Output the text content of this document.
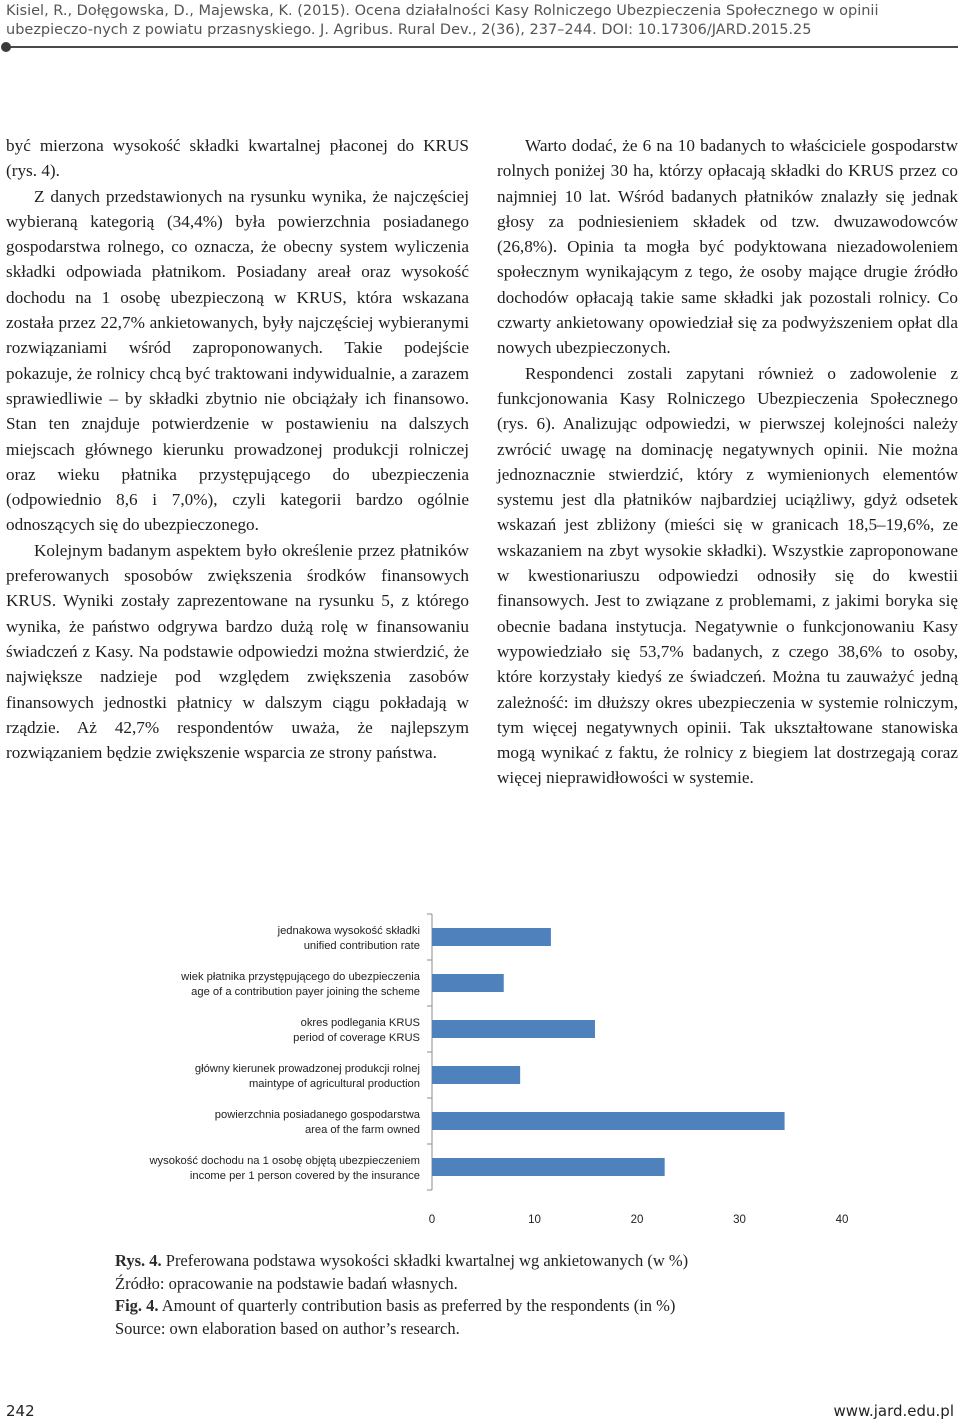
Kisiel, R., Dołęgowska, D., Majewska, K. (2015). Ocena działalności Kasy Rolniczego Ubezpieczenia Społecznego w opinii ubezpieczo-nych z powiatu przasnyskiego. J. Agribus. Rural Dev., 2(36), 237–244. DOI: 10.17306/JARD.2015.25

być mierzona wysokość składki kwartalnej płaconej do KRUS (rys. 4).

Z danych przedstawionych na rysunku wynika, że najczęściej wybieraną kategorią (34,4%) była powierzchnia posiadanego gospodarstwa rolnego, co oznacza, że obecny system wyliczenia składki odpowiada płatnikom. Posiadany areał oraz wysokość dochodu na 1 osobę ubezpieczoną w KRUS, która wskazana została przez 22,7% ankietowanych, były najczęściej wybieranymi rozwiązaniami wśród zaproponowanych. Takie podejście pokazuje, że rolnicy chcą być traktowani indywidualnie, a zarazem sprawiedliwie – by składki zbytnio nie obciążały ich finansowo. Stan ten znajduje potwierdzenie w postawieniu na dalszych miejscach głównego kierunku prowadzonej produkcji rolniczej oraz wieku płatnika przystępującego do ubezpieczenia (odpowiednio 8,6 i 7,0%), czyli kategorii bardzo ogólnie odnoszących się do ubezpieczonego.

Kolejnym badanym aspektem było określenie przez płatników preferowanych sposobów zwiększenia środków finansowych KRUS. Wyniki zostały zaprezentowane na rysunku 5, z którego wynika, że państwo odgrywa bardzo dużą rolę w finansowaniu świadczeń z Kasy. Na podstawie odpowiedzi można stwierdzić, że największe nadzieje pod względem zwiększenia zasobów finansowych jednostki płatnicy w dalszym ciągu pokładają w rządzie. Aż 42,7% respondentów uważa, że najlepszym rozwiązaniem będzie zwiększenie wsparcia ze strony państwa.

Warto dodać, że 6 na 10 badanych to właściciele gospodarstw rolnych poniżej 30 ha, którzy opłacają składki do KRUS przez co najmniej 10 lat. Wśród badanych płatników znalazły się jednak głosy za podniesieniem składek od tzw. dwuzawodowców (26,8%). Opinia ta mogła być podyktowana niezadowoleniem społecznym wynikającym z tego, że osoby mające drugie źródło dochodów opłacają takie same składki jak pozostali rolnicy. Co czwarty ankietowany opowiedział się za podwyższeniem opłat dla nowych ubezpieczonych.

Respondenci zostali zapytani również o zadowolenie z funkcjonowania Kasy Rolniczego Ubezpieczenia Społecznego (rys. 6). Analizując odpowiedzi, w pierwszej kolejności należy zwrócić uwagę na dominację negatywnych opinii. Nie można jednoznacznie stwierdzić, który z wymienionych elementów systemu jest dla płatników najbardziej uciążliwy, gdyż odsetek wskazań jest zbliżony (mieści się w granicach 18,5–19,6%, ze wskazaniem na zbyt wysokie składki). Wszystkie zaproponowane w kwestionariuszu odpowiedzi odnosiły się do kwestii finansowych. Jest to związane z problemami, z jakimi boryka się obecnie badana instytucja. Negatywnie o funkcjonowaniu Kasy wypowiedziało się 53,7% badanych, z czego 38,6% to osoby, które korzystały kiedyś ze świadczeń. Można tu zauważyć jedną zależność: im dłuższy okres ubezpieczenia w systemie rolniczym, tym więcej negatywnych opinii. Tak ukształtowane stanowiska mogą wynikać z faktu, że rolnicy z biegiem lat dostrzegają coraz więcej nieprawidłowości w systemie.

jednakowa wysokość składki
unified contribution rate
wiek płatnika przystępującego do ubezpieczenia
age of a contribution payer joining the scheme
okres podlegania KRUS
period of coverage KRUS
główny kierunek prowadzonej produkcji rolnej
maintype of agricultural production
powierzchnia posiadanego gospodarstwa
area of the farm owned
wysokość dochodu na 1 osobę objętą ubezpieczeniem
income per 1 person covered by the insurance
0	10	20	30	40
Rys. 4. Preferowana podstawa wysokości składki kwartalnej wg ankietowanych (w %)
Źródło: opracowanie na podstawie badań własnych.
Fig. 4. Amount of quarterly contribution basis as preferred by the respondents (in %)
Source: own elaboration based on author’s research.
242	www.jard.edu.pl
